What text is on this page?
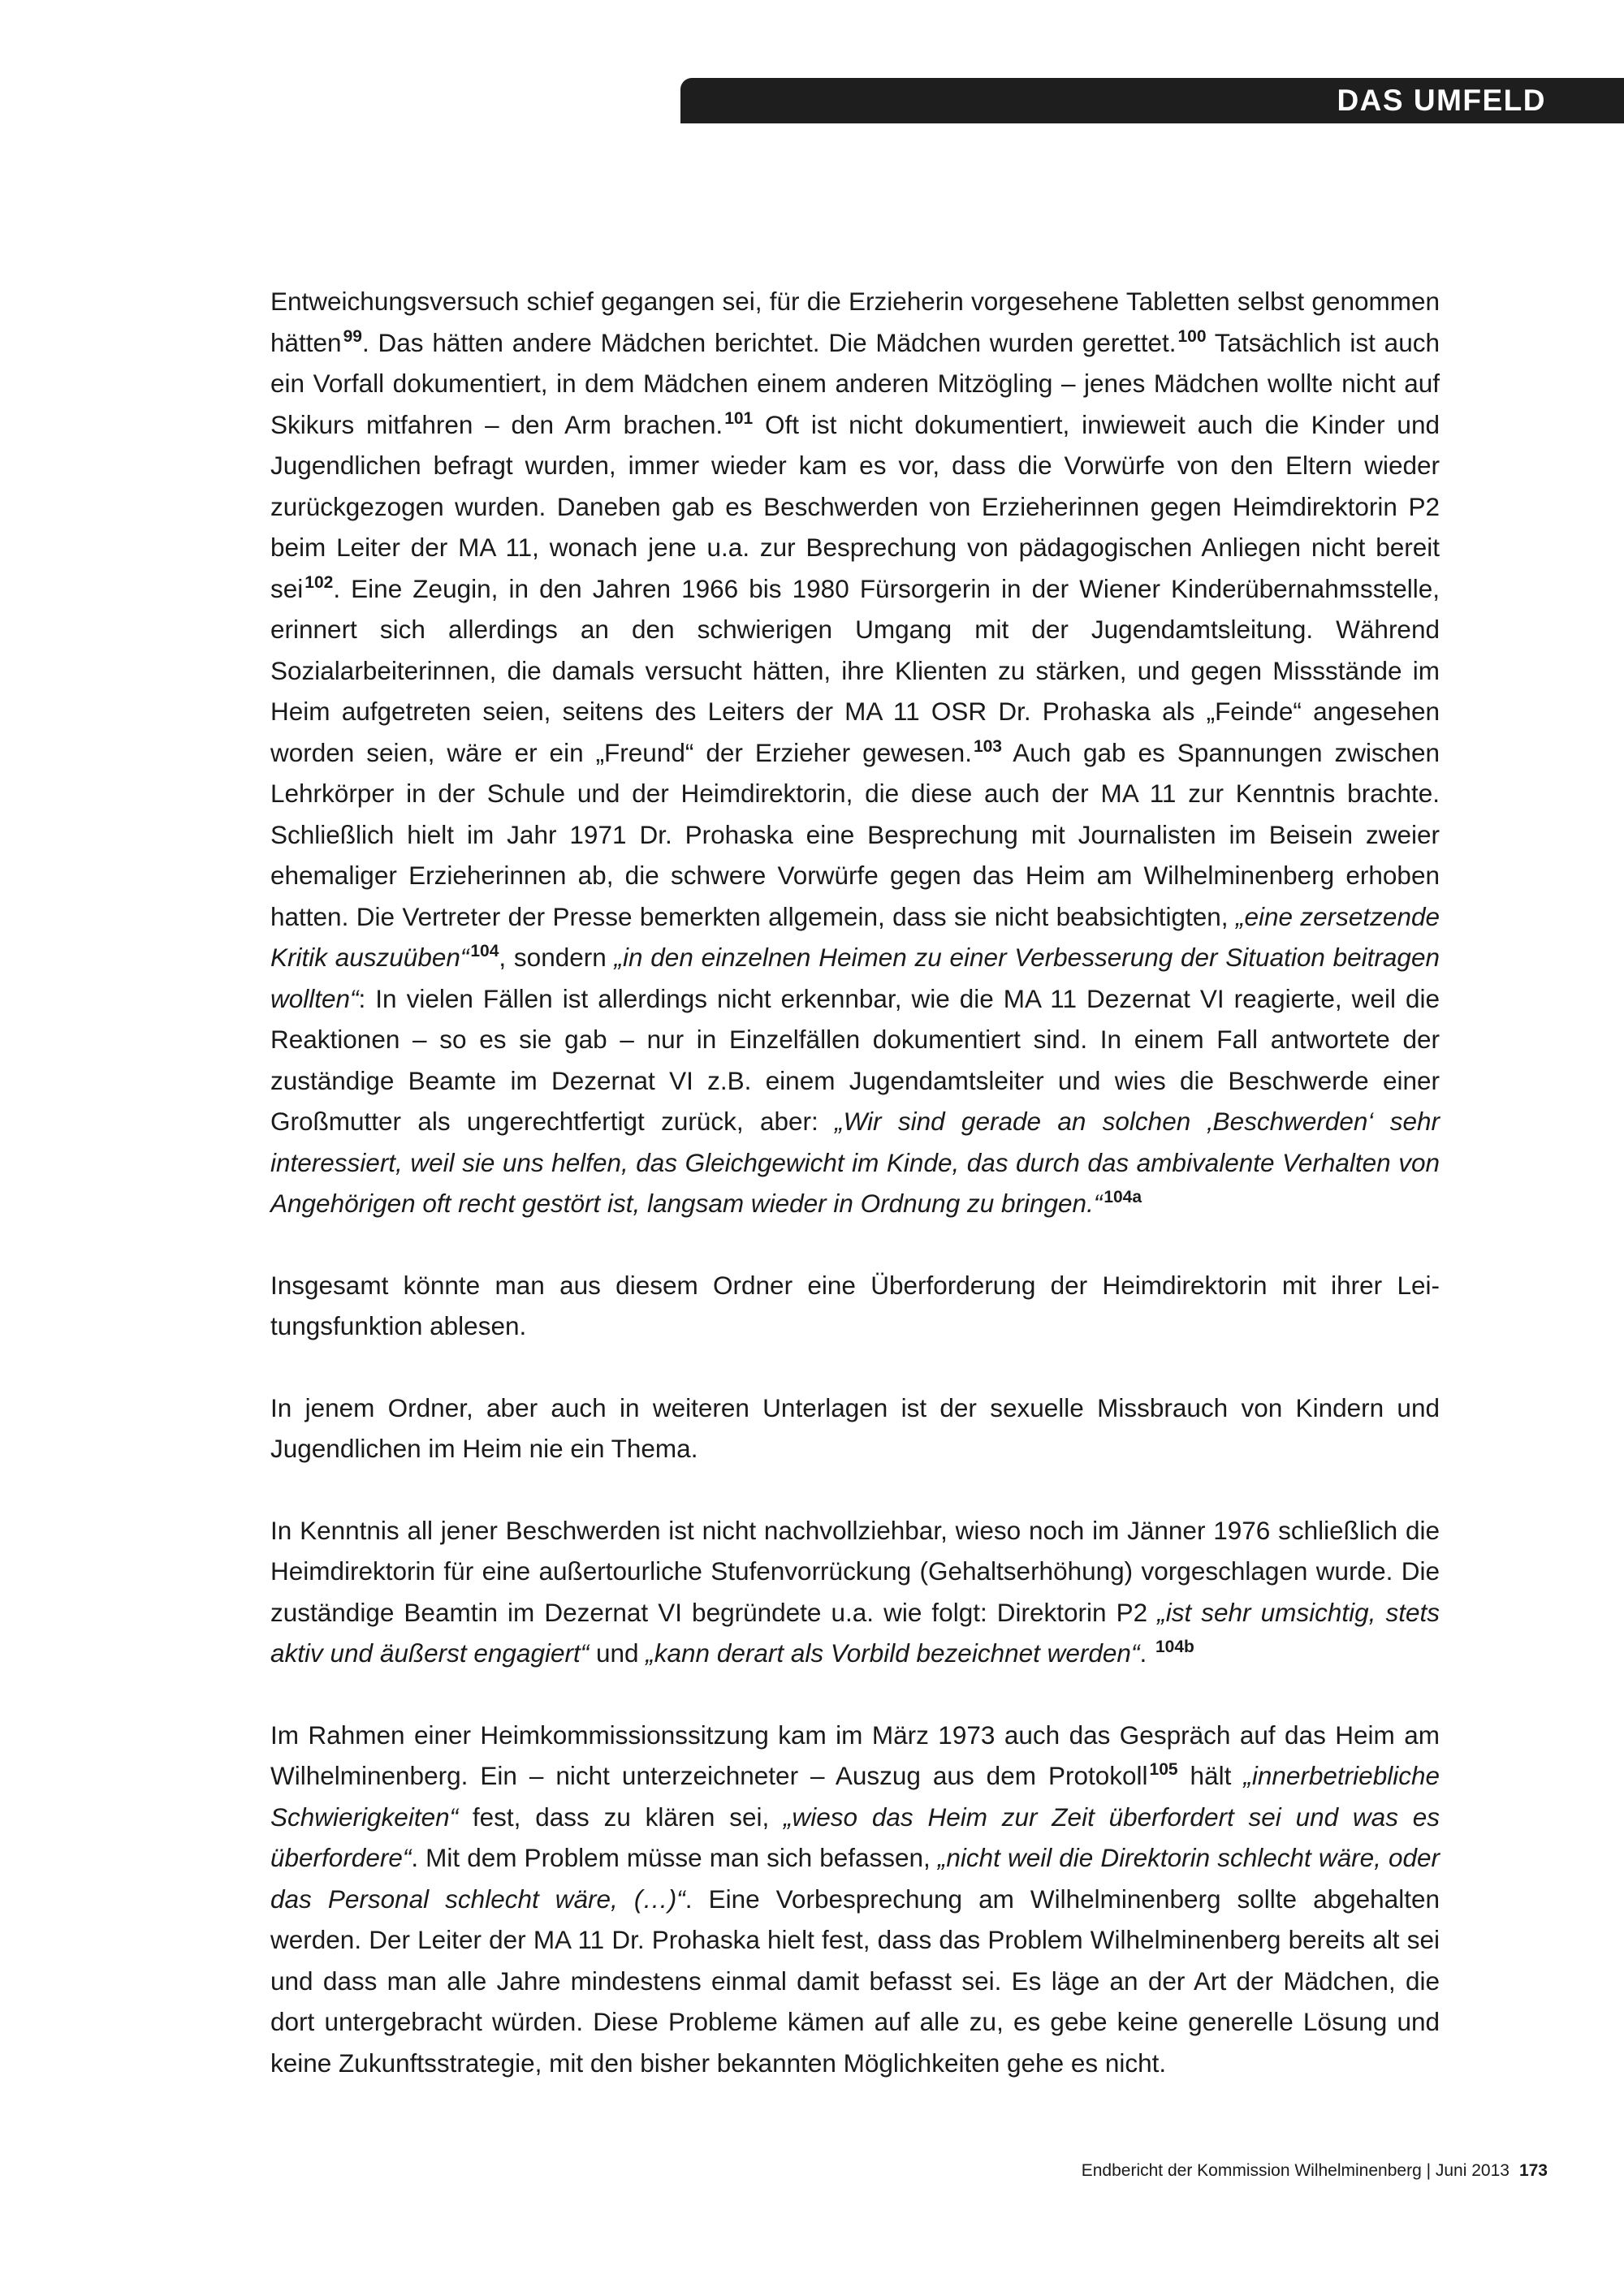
DAS UMFELD

Entweichungsversuch schief gegangen sei, für die Erzieherin vorgesehene Tabletten selbst genommen hätten$^{99}$. Das hätten andere Mädchen berichtet. Die Mädchen wurden gerettet.$^{100}$ Tatsächlich ist auch ein Vorfall dokumentiert, in dem Mädchen einem anderen Mitzögling – jenes Mädchen wollte nicht auf Skikurs mitfahren – den Arm brachen.$^{101}$ Oft ist nicht dokumentiert, inwieweit auch die Kinder und Jugendlichen befragt wurden, immer wieder kam es vor, dass die Vorwürfe von den Eltern wieder zurückgezogen wurden. Daneben gab es Beschwerden von Erzieherinnen gegen Heimdirektorin P2 beim Leiter der MA 11, wonach jene u.a. zur Besprechung von pädagogischen Anliegen nicht bereit sei$^{102}$. Eine Zeugin, in den Jahren 1966 bis 1980 Fürsorgerin in der Wiener Kinderübernahmsstelle, erinnert sich allerdings an den schwierigen Umgang mit der Jugendamtsleitung. Während Sozialarbeiterinnen, die damals versucht hätten, ihre Klienten zu stärken, und gegen Missstände im Heim aufgetreten seien, seitens des Leiters der MA 11 OSR Dr. Prohaska als „Feinde“ angesehen worden seien, wäre er ein „Freund“ der Erzieher gewesen.$^{103}$ Auch gab es Spannungen zwischen Lehrkörper in der Schule und der Heimdirektorin, die diese auch der MA 11 zur Kenntnis brachte. Schließlich hielt im Jahr 1971 Dr. Prohaska eine Besprechung mit Journalisten im Beisein zweier ehemaliger Erzieherinnen ab, die schwere Vorwürfe gegen das Heim am Wilhelminenberg erhoben hatten. Die Vertreter der Presse bemerkten allgemein, dass sie nicht beabsichtigten, „eine zersetzende Kritik auszuüben“$^{104}$, sondern „in den einzelnen Heimen zu einer Verbesserung der Situation beitragen wollten“: In vielen Fällen ist allerdings nicht erkennbar, wie die MA 11 Dezernat VI reagierte, weil die Reaktionen – so es sie gab – nur in Einzelfällen dokumentiert sind. In einem Fall antwortete der zuständige Beamte im Dezernat VI z.B. einem Jugendamtsleiter und wies die Beschwerde einer Großmutter als ungerechtfertigt zurück, aber: „Wir sind gerade an solchen ‚Beschwerden‘ sehr interessiert, weil sie uns helfen, das Gleichgewicht im Kinde, das durch das ambivalente Verhalten von Angehörigen oft recht gestört ist, langsam wieder in Ordnung zu bringen.“$^{104a}$

Insgesamt könnte man aus diesem Ordner eine Überforderung der Heimdirektorin mit ihrer Leitungsfunktion ablesen.

In jenem Ordner, aber auch in weiteren Unterlagen ist der sexuelle Missbrauch von Kindern und Jugendlichen im Heim nie ein Thema.

In Kenntnis all jener Beschwerden ist nicht nachvollziehbar, wieso noch im Jänner 1976 schließlich die Heimdirektorin für eine außertourliche Stufenvorrückung (Gehaltserhöhung) vorgeschlagen wurde. Die zuständige Beamtin im Dezernat VI begründete u.a. wie folgt: Direktorin P2 „ist sehr umsichtig, stets aktiv und äußerst engagiert“ und „kann derart als Vorbild bezeichnet werden“. $^{104b}$

Im Rahmen einer Heimkommissionssitzung kam im März 1973 auch das Gespräch auf das Heim am Wilhelminenberg. Ein – nicht unterzeichneter – Auszug aus dem Protokoll$^{105}$ hält „innerbetriebliche Schwierigkeiten“ fest, dass zu klären sei, „wieso das Heim zur Zeit überfordert sei und was es überfordere“. Mit dem Problem müsse man sich befassen, „nicht weil die Direktorin schlecht wäre, oder das Personal schlecht wäre, (…)“. Eine Vorbesprechung am Wilhelminenberg sollte abgehalten werden. Der Leiter der MA 11 Dr. Prohaska hielt fest, dass das Problem Wilhelminenberg bereits alt sei und dass man alle Jahre mindestens einmal damit befasst sei. Es läge an der Art der Mädchen, die dort untergebracht würden. Diese Probleme kämen auf alle zu, es gebe keine generelle Lösung und keine Zukunftsstrategie, mit den bisher bekannten Möglichkeiten gehe es nicht.

Endbericht der Kommission Wilhelminenberg | Juni 2013 173
